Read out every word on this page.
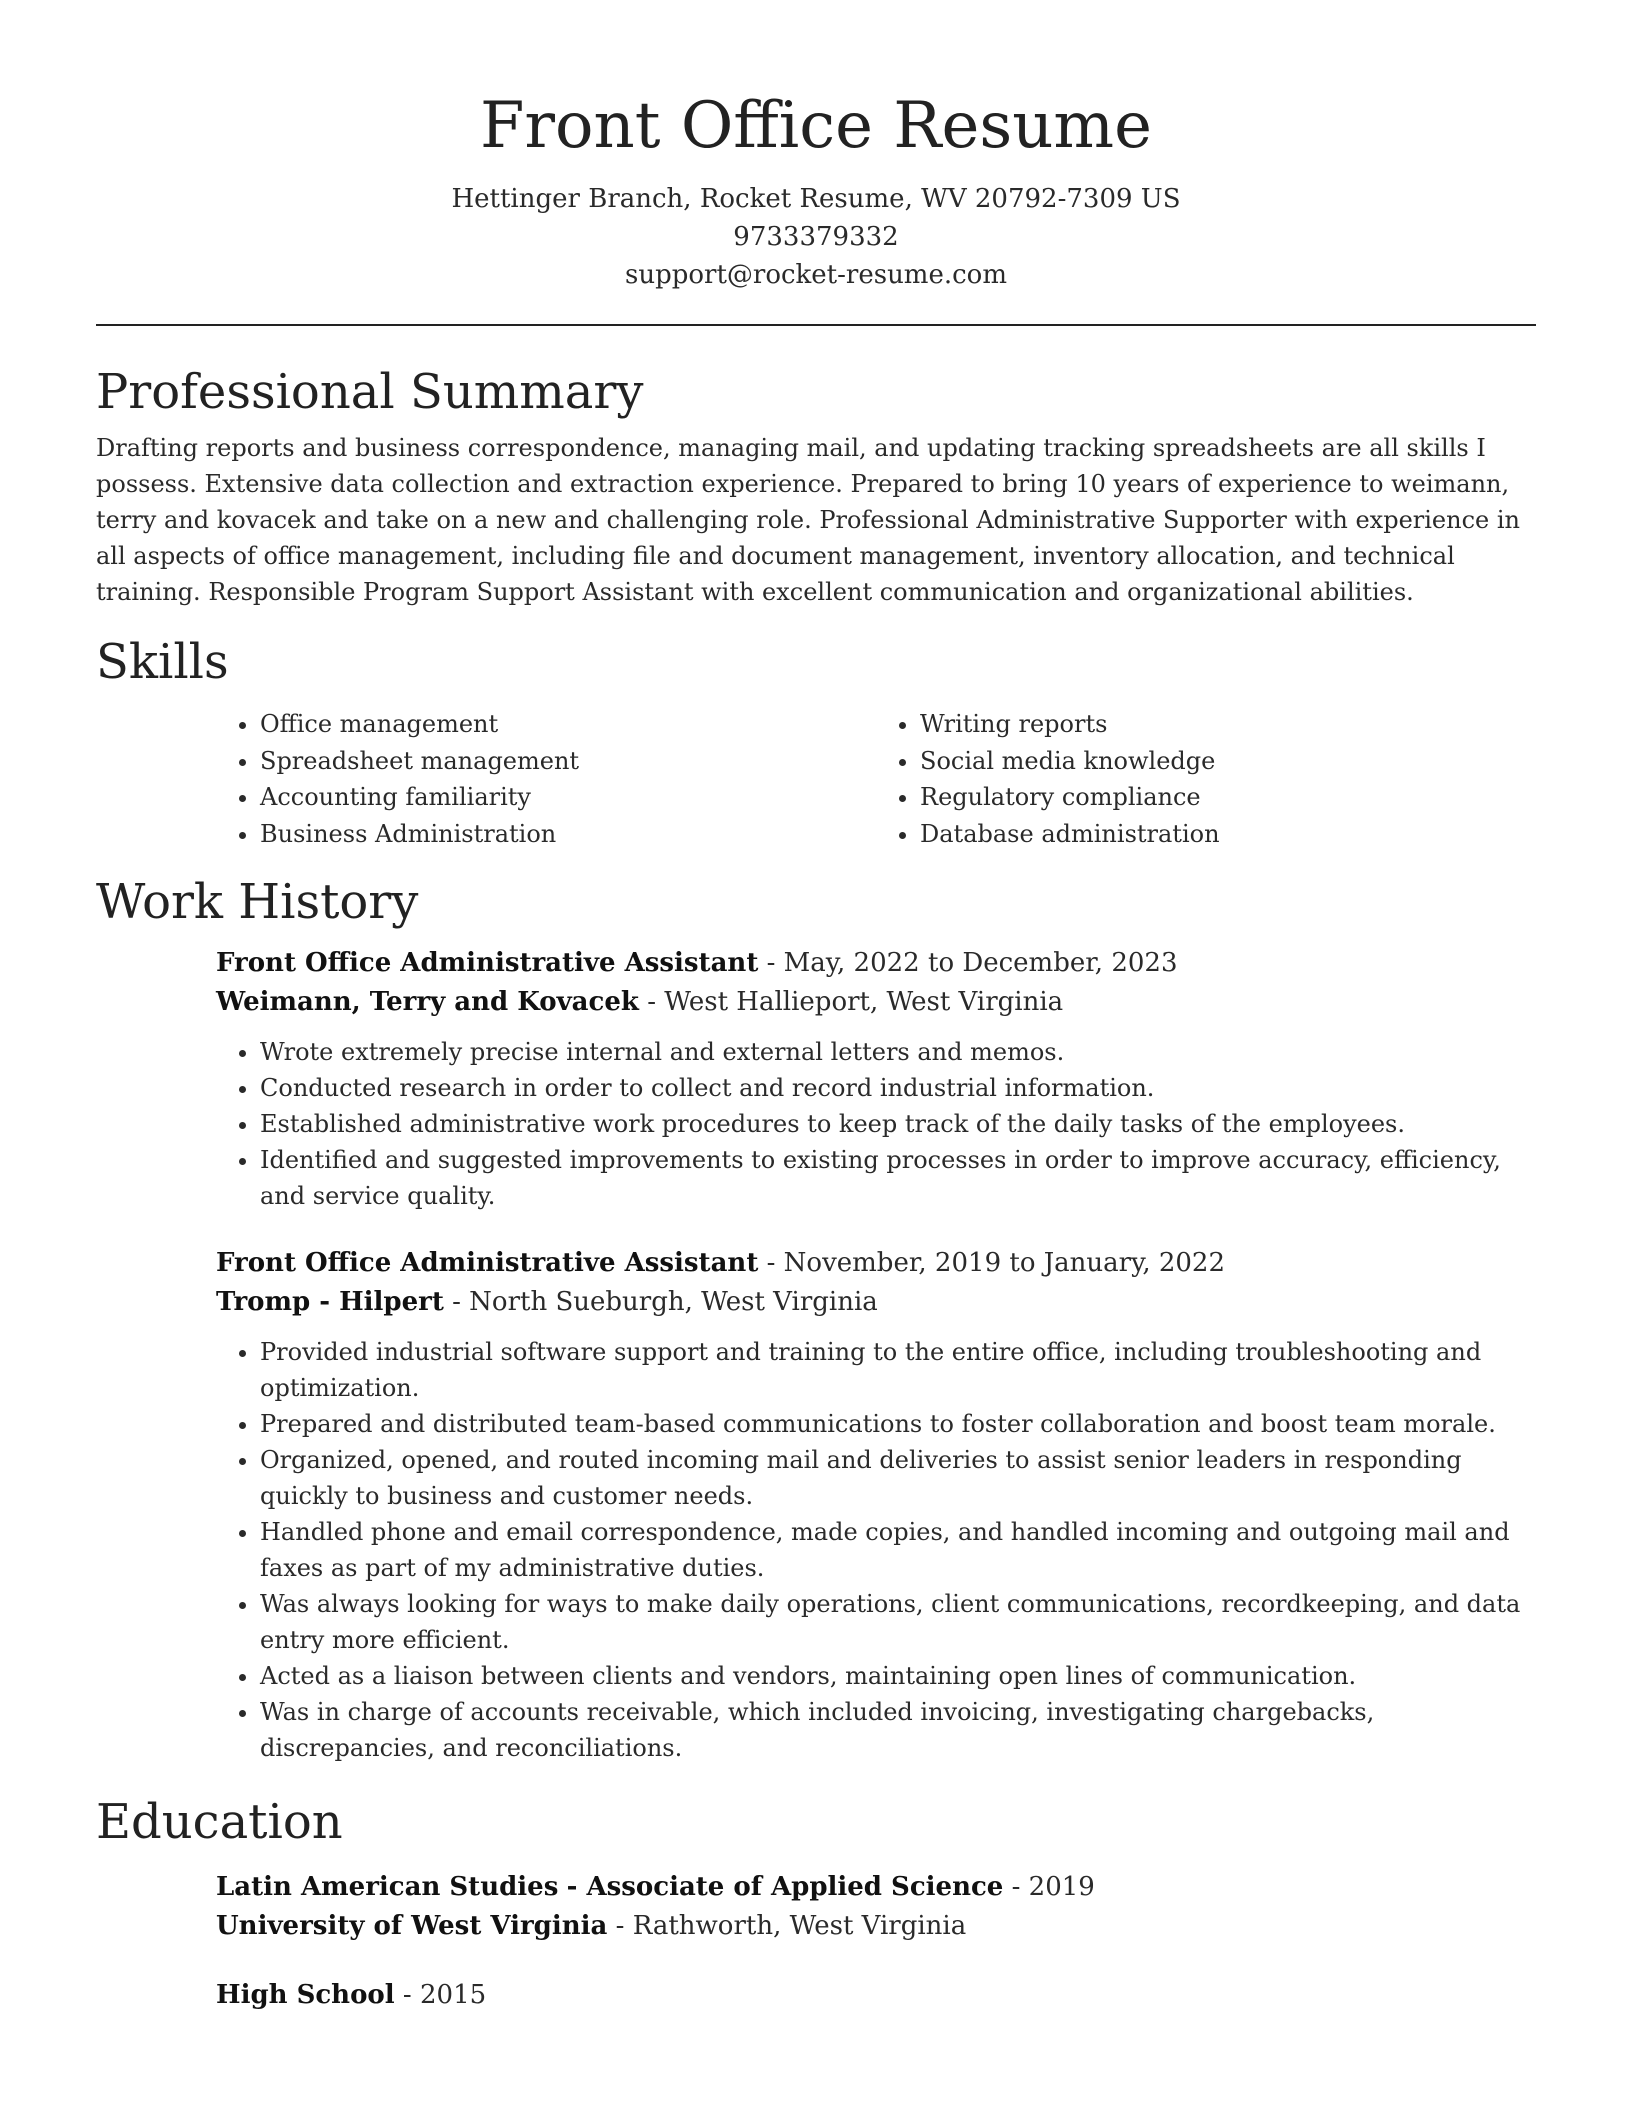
Front Office Resume
Hettinger Branch, Rocket Resume, WV 20792-7309 US
9733379332
support@rocket-resume.com
Professional Summary

Drafting reports and business correspondence, managing mail, and updating tracking spreadsheets are all skills I possess. Extensive data collection and extraction experience. Prepared to bring 10 years of experience to weimann, terry and kovacek and take on a new and challenging role. Professional Administrative Supporter with experience in all aspects of office management, including file and document management, inventory allocation, and technical training. Responsible Program Support Assistant with excellent communication and organizational abilities.

Skills
• Office management
• Spreadsheet management
• Accounting familiarity
• Business Administration
• Writing reports
• Social media knowledge
• Regulatory compliance
• Database administration
Work History
Front Office Administrative Assistant - May, 2022 to December, 2023
Weimann, Terry and Kovacek - West Hallieport, West Virginia
• Wrote extremely precise internal and external letters and memos.
• Conducted research in order to collect and record industrial information.
• Established administrative work procedures to keep track of the daily tasks of the employees.
• Identified and suggested improvements to existing processes in order to improve accuracy, efficiency, and service quality.
Front Office Administrative Assistant - November, 2019 to January, 2022
Tromp - Hilpert - North Sueburgh, West Virginia
• Provided industrial software support and training to the entire office, including troubleshooting and optimization.
• Prepared and distributed team-based communications to foster collaboration and boost team morale.
• Organized, opened, and routed incoming mail and deliveries to assist senior leaders in responding quickly to business and customer needs.
• Handled phone and email correspondence, made copies, and handled incoming and outgoing mail and faxes as part of my administrative duties.
• Was always looking for ways to make daily operations, client communications, recordkeeping, and data entry more efficient.
• Acted as a liaison between clients and vendors, maintaining open lines of communication.
• Was in charge of accounts receivable, which included invoicing, investigating chargebacks, discrepancies, and reconciliations.
Education
Latin American Studies - Associate of Applied Science - 2019
University of West Virginia - Rathworth, West Virginia
High School - 2015
